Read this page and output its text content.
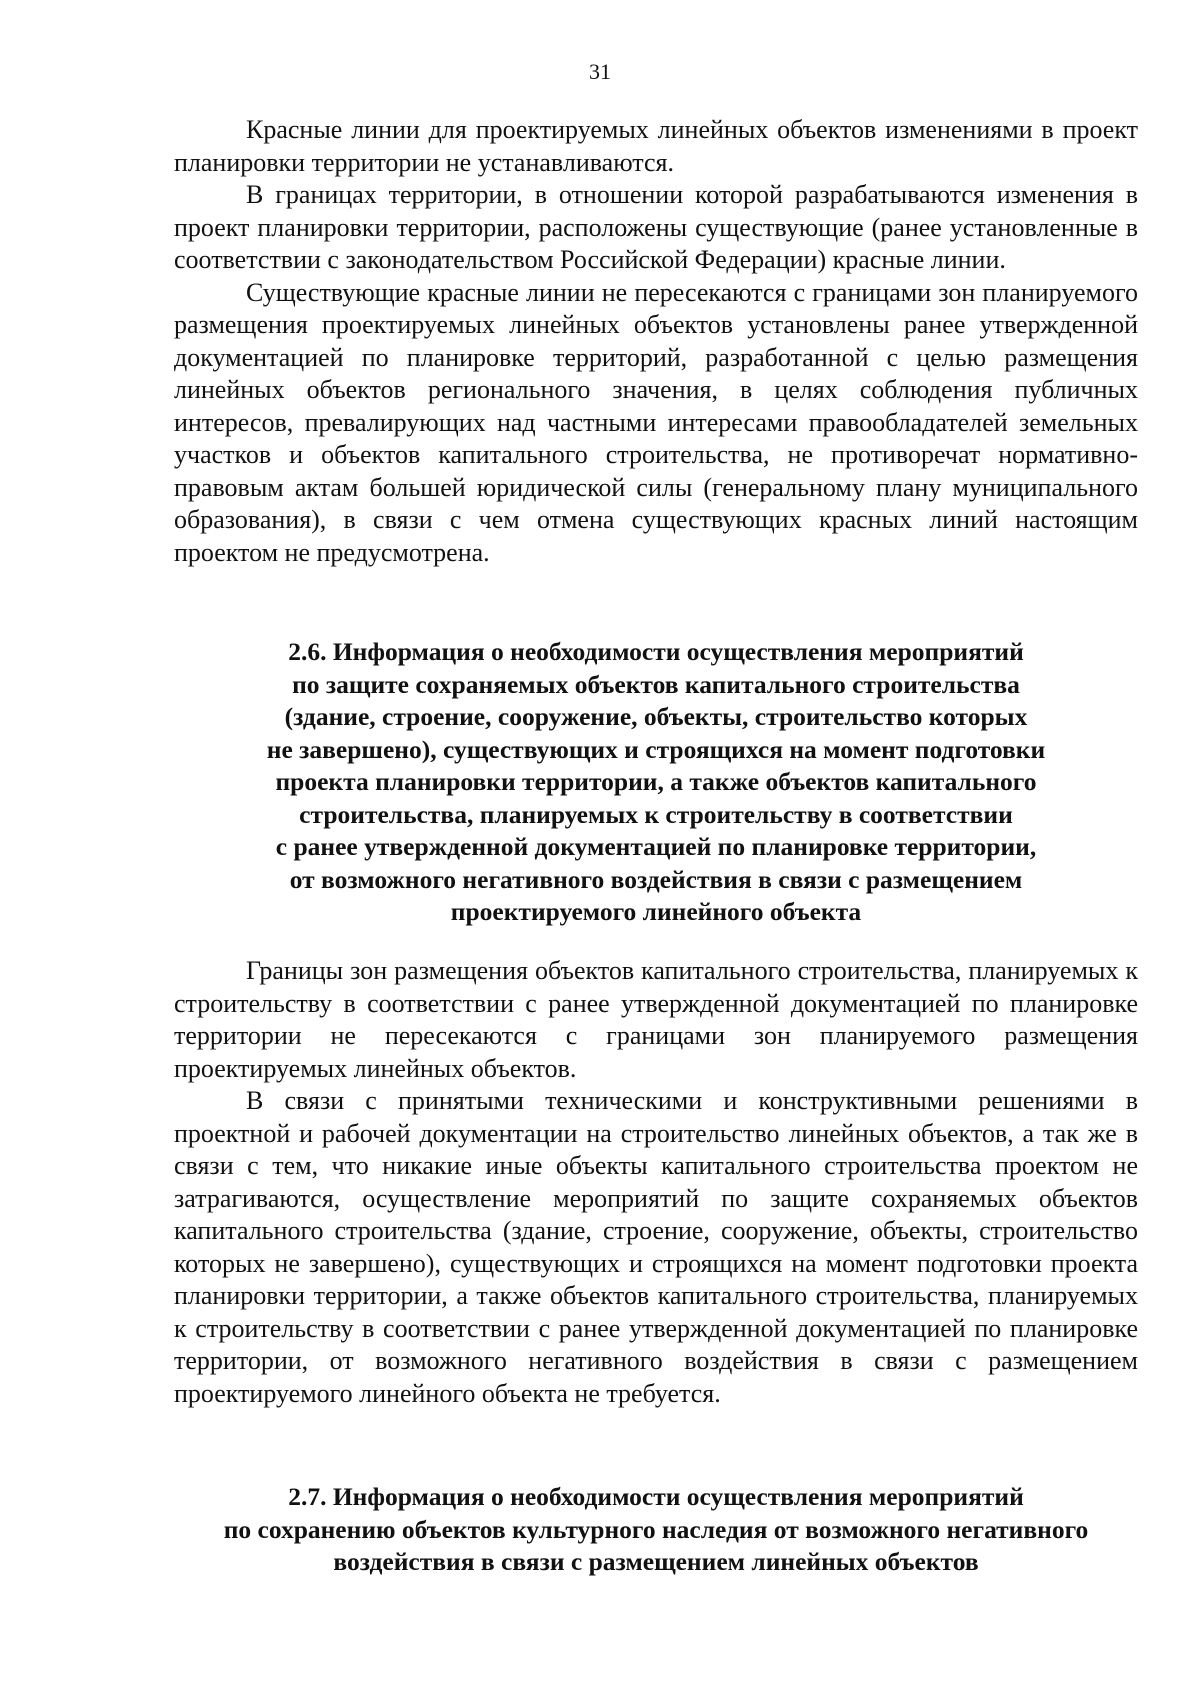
31

Красные линии для проектируемых линейных объектов изменениями в проект планировки территории не устанавливаются.

В границах территории, в отношении которой разрабатываются изменения в проект планировки территории, расположены существующие (ранее установленные в соответствии с законодательством Российской Федерации) красные линии.

Существующие красные линии не пересекаются с границами зон планируемого размещения проектируемых линейных объектов установлены ранее утвержденной документацией по планировке территорий, разработанной с целью размещения линейных объектов регионального значения, в целях соблюдения публичных интересов, превалирующих над частными интересами правообладателей земельных участков и объектов капитального строительства, не противоречат нормативно-правовым актам большей юридической силы (генеральному плану муниципального образования), в связи с чем отмена существующих красных линий настоящим проектом не предусмотрена.

2.6. Информация о необходимости осуществления мероприятий
по защите сохраняемых объектов капитального строительства
(здание, строение, сооружение, объекты, строительство которых
не завершено), существующих и строящихся на момент подготовки
проекта планировки территории, а также объектов капитального
строительства, планируемых к строительству в соответствии
с ранее утвержденной документацией по планировке территории,
от возможного негативного воздействия в связи с размещением
проектируемого линейного объекта

Границы зон размещения объектов капитального строительства, планируемых к строительству в соответствии с ранее утвержденной документацией по планировке территории не пересекаются с границами зон планируемого размещения проектируемых линейных объектов.

В связи с принятыми техническими и конструктивными решениями в проектной и рабочей документации на строительство линейных объектов, а так же в связи с тем, что никакие иные объекты капитального строительства проектом не затрагиваются, осуществление мероприятий по защите сохраняемых объектов капитального строительства (здание, строение, сооружение, объекты, строительство которых не завершено), существующих и строящихся на момент подготовки проекта планировки территории, а также объектов капитального строительства, планируемых к строительству в соответствии с ранее утвержденной документацией по планировке территории, от возможного негативного воздействия в связи с размещением проектируемого линейного объекта не требуется.

2.7. Информация о необходимости осуществления мероприятий
по сохранению объектов культурного наследия от возможного негативного
воздействия в связи с размещением линейных объектов
